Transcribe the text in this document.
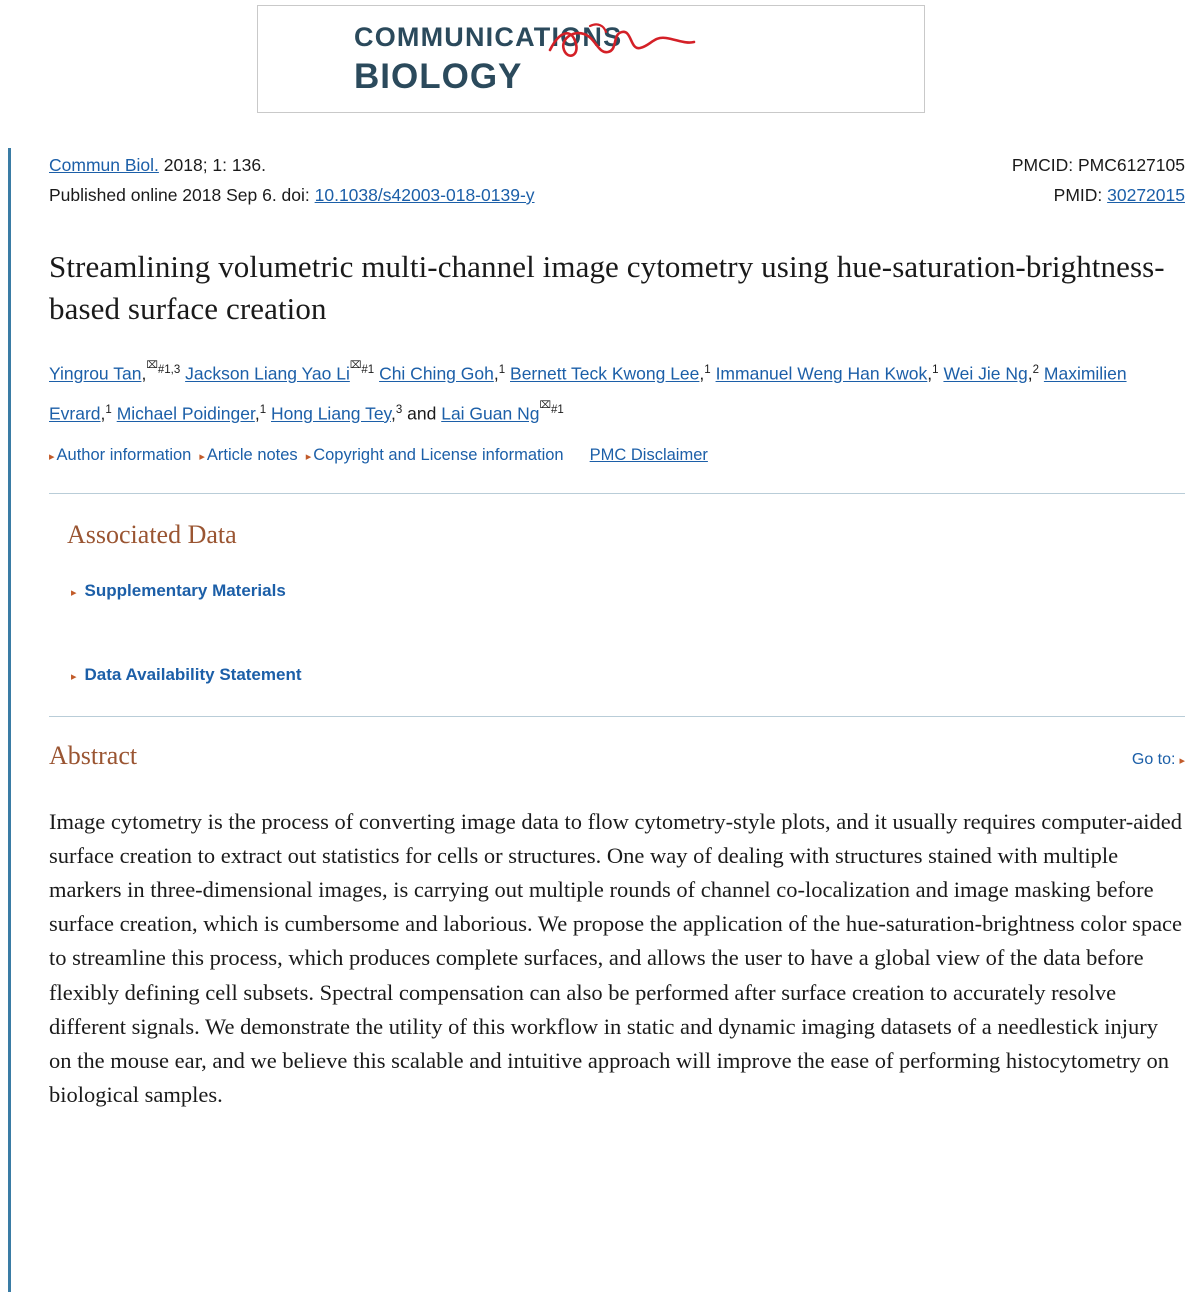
COMMUNICATIONS
BIOLOGY
Commun Biol. 2018; 1: 136.	PMCID: PMC6127105
Published online 2018 Sep 6. doi: 10.1038/s42003-018-0139-y	PMID: 30272015
Streamlining volumetric multi-channel image cytometry using hue-saturation-brightness-based surface creation
Yingrou Tan,$^{⌧\#1,3}$ Jackson Liang Yao $Li^{⌧\#1}$ Chi Ching Goh,$^1$ Bernett Teck Kwong Lee,$^1$ Immanuel Weng Han Kwok,$^1$ Wei Jie Ng,$^2$ Maximilien Evrard,$^1$ Michael Poidinger,$^1$ Hong Liang Tey,$^3$ and Lai Guan $Ng^{⌧\#1}$
▸ Author information ▸ Article notes ▸ Copyright and License information PMC Disclaimer
Associated Data
▸ Supplementary Materials
▸ Data Availability Statement
Abstract	Go to: ▸

Image cytometry is the process of converting image data to flow cytometry-style plots, and it usually requires computer-aided surface creation to extract out statistics for cells or structures. One way of dealing with structures stained with multiple markers in three-dimensional images, is carrying out multiple rounds of channel co-localization and image masking before surface creation, which is cumbersome and laborious. We propose the application of the hue-saturation-brightness color space to streamline this process, which produces complete surfaces, and allows the user to have a global view of the data before flexibly defining cell subsets. Spectral compensation can also be performed after surface creation to accurately resolve different signals. We demonstrate the utility of this workflow in static and dynamic imaging datasets of a needlestick injury on the mouse ear, and we believe this scalable and intuitive approach will improve the ease of performing histocytometry on biological samples.
